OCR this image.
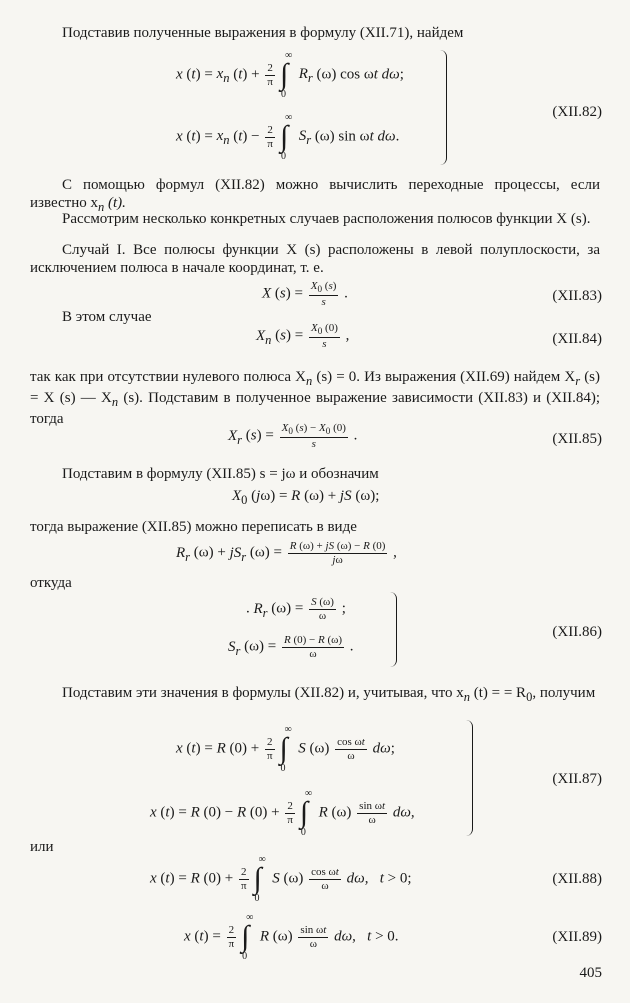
Подставив полученные выражения в формулу (XII.71), найдем
x $(t) = x_n$ $(t) + \frac{2}{\pi}$
∞
∫
0
$R_r$ (ω) cos ωt dω;
x $(t) = x_n$ $(t) - \frac{2}{\pi}$
∞
∫
0
$S_r$ (ω) sin ωt dω.
(XII.82)
С помощью формул (XII.82) можно вычислить переходные процессы, если известно $x_n$ (t).
Рассмотрим несколько конкретных случаев расположения полюсов функции X (s).
Случай I. Все полюсы функции X (s) расположены в левой полуплоскости, за исключением полюса в начале координат, т. е.
X $(s) = \frac{X_0 (s)}{s}$ .	(XII.83)
В этом случае
$X_n$ $(s) = \frac{X_0 (0)}{s}$ ,	(XII.84)
так как при отсутствии нулевого полюса $X_n$ (s) = 0. Из выражения (XII.69) найдем $X_r$ (s) = X (s) — $X_n$ (s). Подставим в полученное выражение зависимости (XII.83) и (XII.84); тогда
$X_r$ $(s) = \frac{X_0 (s) - X_0 (0)}{s}$ .	(XII.85)
Подставим в формулу (XII.85) s = jω и обозначим
$X_0$ (jω) = R (ω) + jS (ω);
тогда выражение (XII.85) можно переписать в виде
$R_r$ $(\omega) + jS_r$ $(\omega) = \frac{R (\omega) + jS (\omega) - R (0)}{j\omega}$ ,
откуда
. $R_r$ $(\omega) = \frac{S (\omega)}{\omega}$ ;
$S_r$ $(\omega) = \frac{R (0) - R (\omega)}{\omega}$ .
(XII.86)
Подставим эти значения в формулы (XII.82) и, учитывая, что $x_n$ (t) = = $R_0$, получим
x (t) = R $(0) + \frac{2}{\pi}$
∞
∫
0
S $(\omega) \frac{\text{cos ωt}}{\omega} d\omega$;
x (t) = R (0) − R $(0) + \frac{2}{\pi}$
∞
∫
0
R $(\omega) \frac{\text{sin ωt}}{\omega} d\omega$,
(XII.87)
или
x (t) = R $(0) + \frac{2}{\pi}$
∞
∫
0
S $(\omega) \frac{\text{cos ωt}}{\omega} d\omega$,   t > 0;	(XII.88)
x $(t) = \frac{2}{\pi}$
∞
∫
0
R $(\omega) \frac{\text{sin ωt}}{\omega} d\omega$,   t > 0.	(XII.89)
405
